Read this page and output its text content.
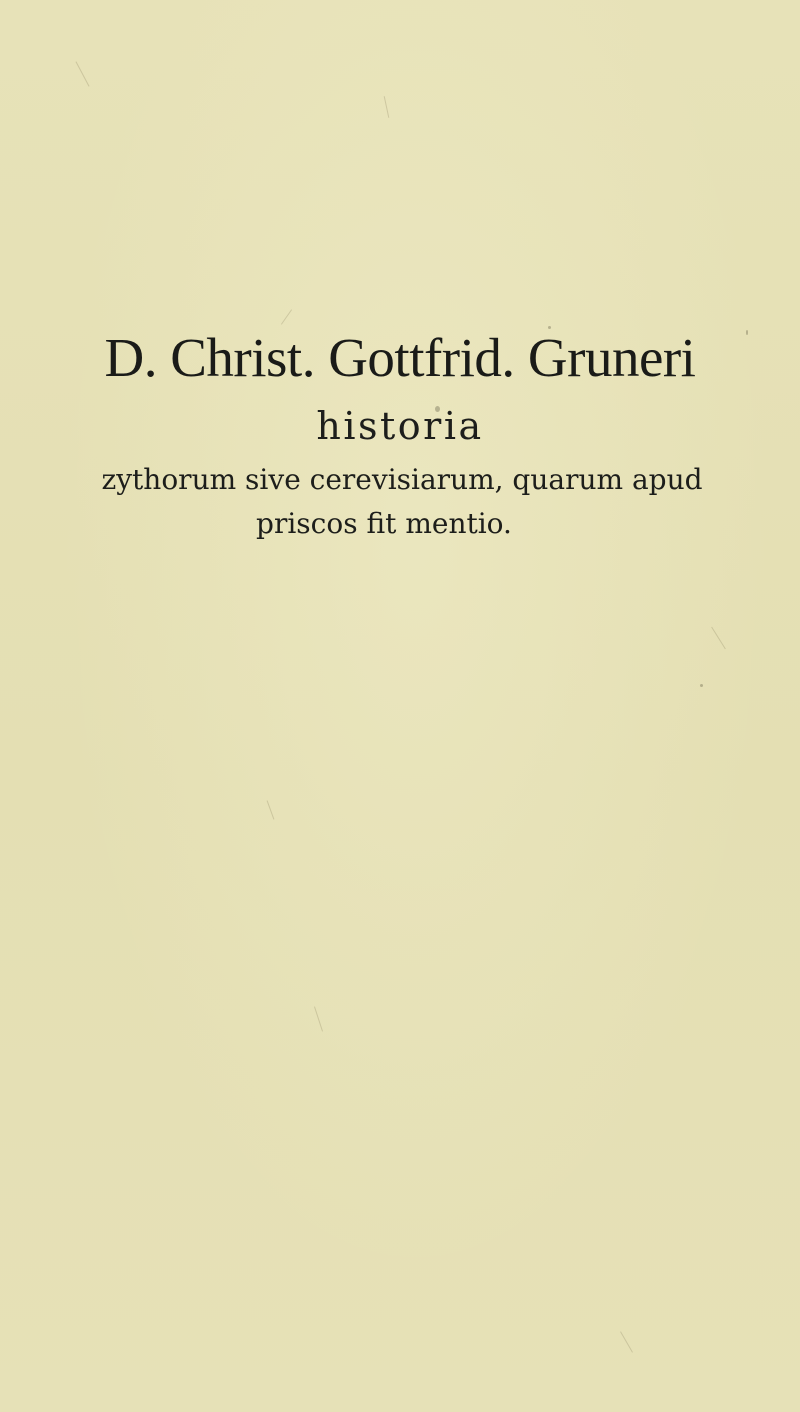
D. Christ. Gottfrid. Gruneri
historia
zythorum sive cerevisiarum, quarum apud
priscos fit mentio.
